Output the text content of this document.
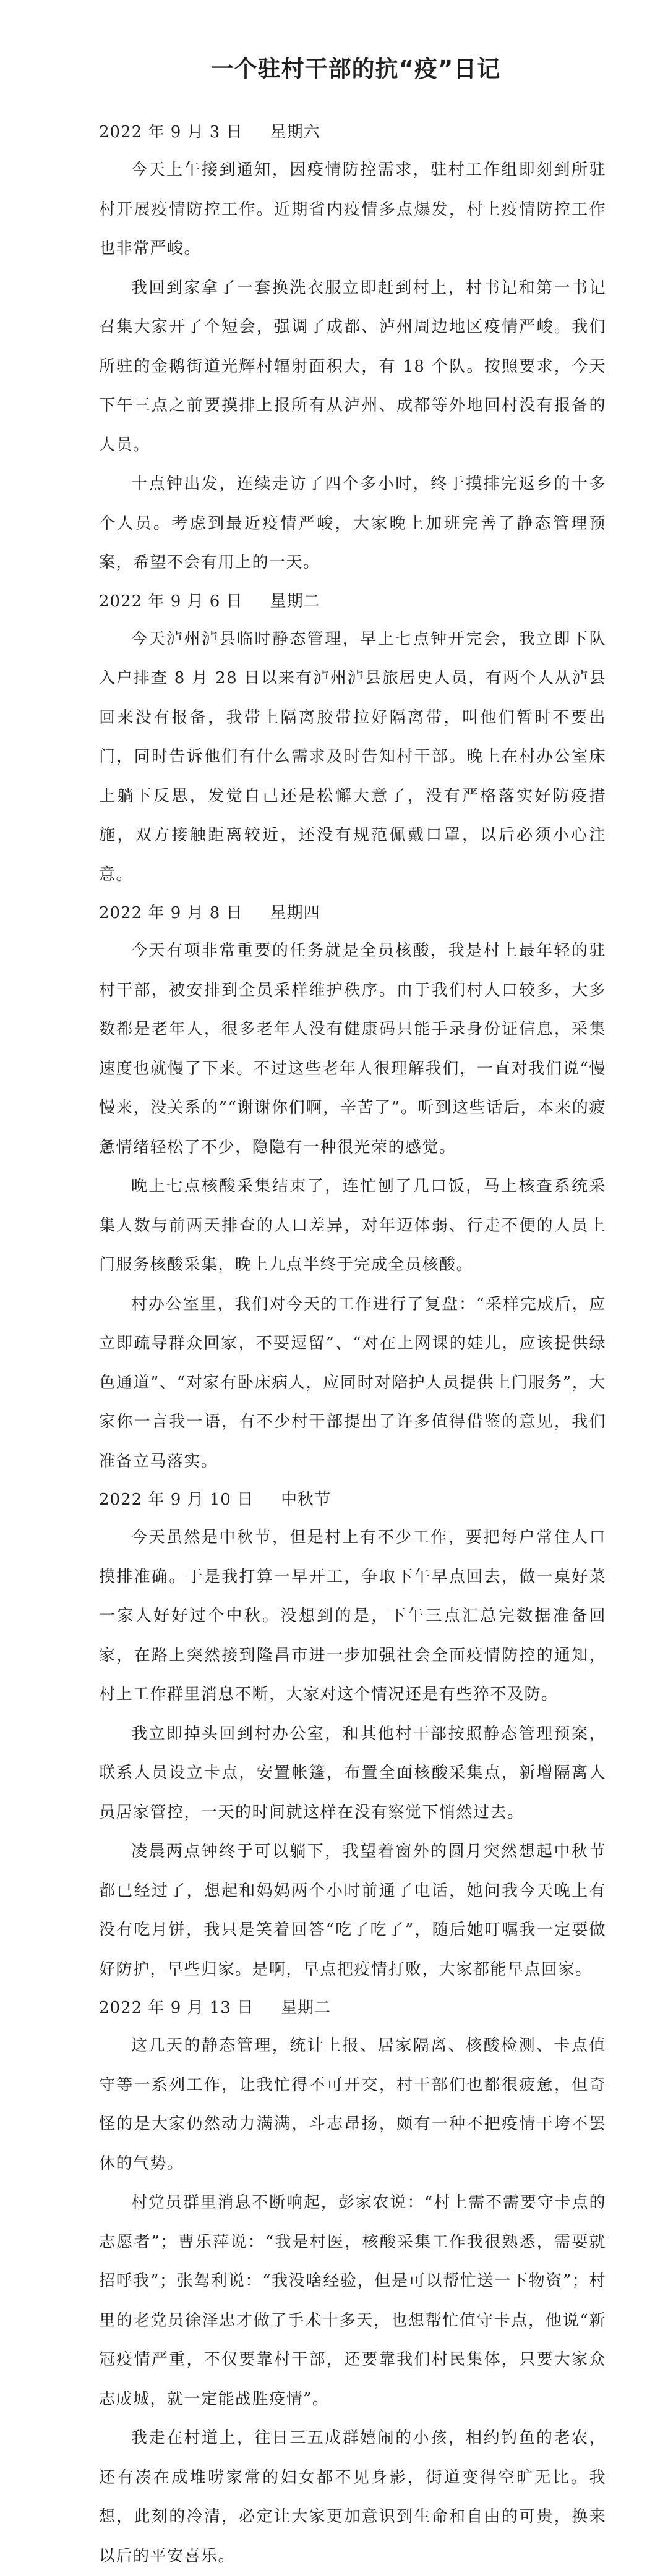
一个驻村干部的抗“疫”日记

2022 年 9 月 3 日 星期六

今天上午接到通知，因疫情防控需求，驻村工作组即刻到所驻村开展疫情防控工作。近期省内疫情多点爆发，村上疫情防控工作也非常严峻。

我回到家拿了一套换洗衣服立即赶到村上，村书记和第一书记召集大家开了个短会，强调了成都、泸州周边地区疫情严峻。我们所驻的金鹅街道光辉村辐射面积大，有 18 个队。按照要求，今天下午三点之前要摸排上报所有从泸州、成都等外地回村没有报备的人员。

十点钟出发，连续走访了四个多小时，终于摸排完返乡的十多个人员。考虑到最近疫情严峻，大家晚上加班完善了静态管理预案，希望不会有用上的一天。

2022 年 9 月 6 日 星期二

今天泸州泸县临时静态管理，早上七点钟开完会，我立即下队入户排查 8 月 28 日以来有泸州泸县旅居史人员，有两个人从泸县回来没有报备，我带上隔离胶带拉好隔离带，叫他们暂时不要出门，同时告诉他们有什么需求及时告知村干部。晚上在村办公室床上躺下反思，发觉自己还是松懈大意了，没有严格落实好防疫措施，双方接触距离较近，还没有规范佩戴口罩，以后必须小心注意。

2022 年 9 月 8 日 星期四

今天有项非常重要的任务就是全员核酸，我是村上最年轻的驻村干部，被安排到全员采样维护秩序。由于我们村人口较多，大多数都是老年人，很多老年人没有健康码只能手录身份证信息，采集速度也就慢了下来。不过这些老年人很理解我们，一直对我们说“慢慢来，没关系的”“谢谢你们啊，辛苦了”。听到这些话后，本来的疲惫情绪轻松了不少，隐隐有一种很光荣的感觉。

晚上七点核酸采集结束了，连忙刨了几口饭，马上核查系统采集人数与前两天排查的人口差异，对年迈体弱、行走不便的人员上门服务核酸采集，晚上九点半终于完成全员核酸。

村办公室里，我们对今天的工作进行了复盘：“采样完成后，应立即疏导群众回家，不要逗留”、“对在上网课的娃儿，应该提供绿色通道”、“对家有卧床病人，应同时对陪护人员提供上门服务”，大家你一言我一语，有不少村干部提出了许多值得借鉴的意见，我们准备立马落实。

2022 年 9 月 10 日 中秋节

今天虽然是中秋节，但是村上有不少工作，要把每户常住人口摸排准确。于是我打算一早开工，争取下午早点回去，做一桌好菜一家人好好过个中秋。没想到的是，下午三点汇总完数据准备回家，在路上突然接到隆昌市进一步加强社会全面疫情防控的通知，村上工作群里消息不断，大家对这个情况还是有些猝不及防。

我立即掉头回到村办公室，和其他村干部按照静态管理预案，联系人员设立卡点，安置帐篷，布置全面核酸采集点，新增隔离人员居家管控，一天的时间就这样在没有察觉下悄然过去。

凌晨两点钟终于可以躺下，我望着窗外的圆月突然想起中秋节都已经过了，想起和妈妈两个小时前通了电话，她问我今天晚上有没有吃月饼，我只是笑着回答“吃了吃了”，随后她叮嘱我一定要做好防护，早些归家。是啊，早点把疫情打败，大家都能早点回家。

2022 年 9 月 13 日 星期二

这几天的静态管理，统计上报、居家隔离、核酸检测、卡点值守等一系列工作，让我忙得不可开交，村干部们也都很疲惫，但奇怪的是大家仍然动力满满，斗志昂扬，颇有一种不把疫情干垮不罢休的气势。

村党员群里消息不断响起，彭家农说：“村上需不需要守卡点的志愿者”；曹乐萍说：“我是村医，核酸采集工作我很熟悉，需要就招呼我”；张驾利说：“我没啥经验，但是可以帮忙送一下物资”；村里的老党员徐泽忠才做了手术十多天，也想帮忙值守卡点，他说“新冠疫情严重，不仅要靠村干部，还要靠我们村民集体，只要大家众志成城，就一定能战胜疫情”。

我走在村道上，往日三五成群嬉闹的小孩，相约钓鱼的老农，还有凑在成堆唠家常的妇女都不见身影，街道变得空旷无比。我想，此刻的冷清，必定让大家更加意识到生命和自由的可贵，换来以后的平安喜乐。
